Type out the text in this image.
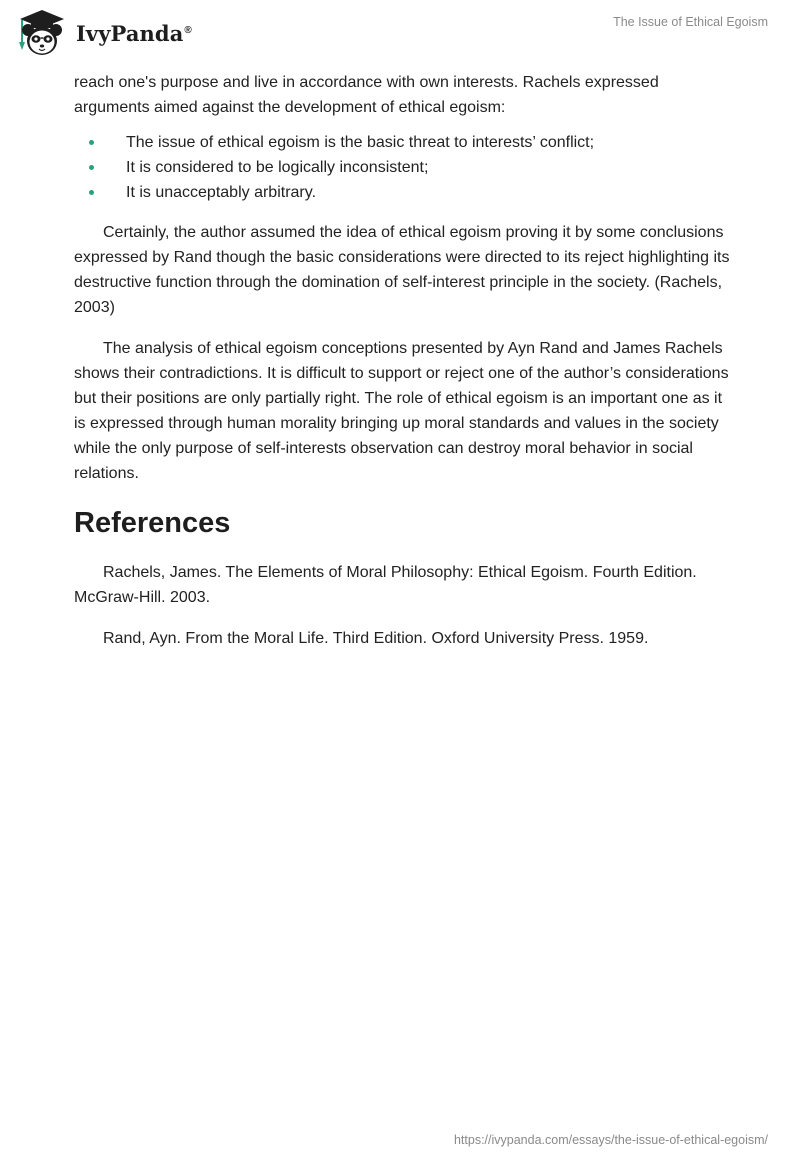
IvyPanda®
The Issue of Ethical Egoism

reach one's purpose and live in accordance with own interests. Rachels expressed arguments aimed against the development of ethical egoism:

The issue of ethical egoism is the basic threat to interests’ conflict;
It is considered to be logically inconsistent;
It is unacceptably arbitrary.

Certainly, the author assumed the idea of ethical egoism proving it by some conclusions expressed by Rand though the basic considerations were directed to its reject highlighting its destructive function through the domination of self-interest principle in the society. (Rachels, 2003)

The analysis of ethical egoism conceptions presented by Ayn Rand and James Rachels shows their contradictions. It is difficult to support or reject one of the author’s considerations but their positions are only partially right. The role of ethical egoism is an important one as it is expressed through human morality bringing up moral standards and values in the society while the only purpose of self-interests observation can destroy moral behavior in social relations.

References

Rachels, James. The Elements of Moral Philosophy: Ethical Egoism. Fourth Edition. McGraw-Hill. 2003.

Rand, Ayn. From the Moral Life. Third Edition. Oxford University Press. 1959.

https://ivypanda.com/essays/the-issue-of-ethical-egoism/
